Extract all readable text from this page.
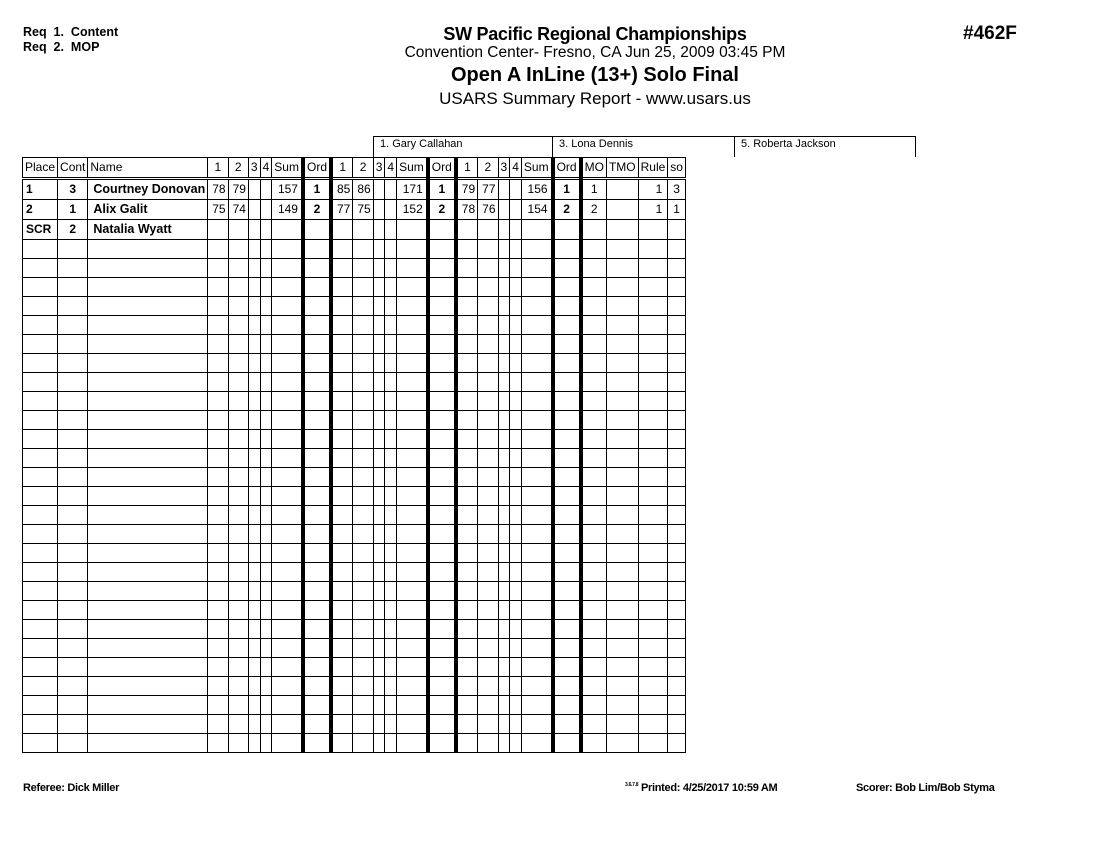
Req  1.  Content
Req  2.  MOP
SW Pacific Regional Championships
Convention Center- Fresno, CA Jun 25, 2009 03:45 PM
Open A InLine (13+) Solo Final
USARS Summary Report - www.usars.us
#462F
1. Gary Callahan	3. Lona Dennis	5. Roberta Jackson
Place	Cont	Name	1	2	3	4	Sum	Ord	1	2	3	4	Sum	Ord	1	2	3	4	Sum	Ord	MO	TMO	Rule	so
1	3	Courtney Donovan	78	79			157	1	85	86			171	1	79	77			156	1	1		1	3
2	1	Alix Galit	75	74			149	2	77	75			152	2	78	76			154	2	2		1	1
SCR	2	Natalia Wyatt																						

Referee: Dick Miller	$^{3.6.7.8}$ Printed: 4/25/2017 10:59 AM	Scorer: Bob Lim/Bob Styma
